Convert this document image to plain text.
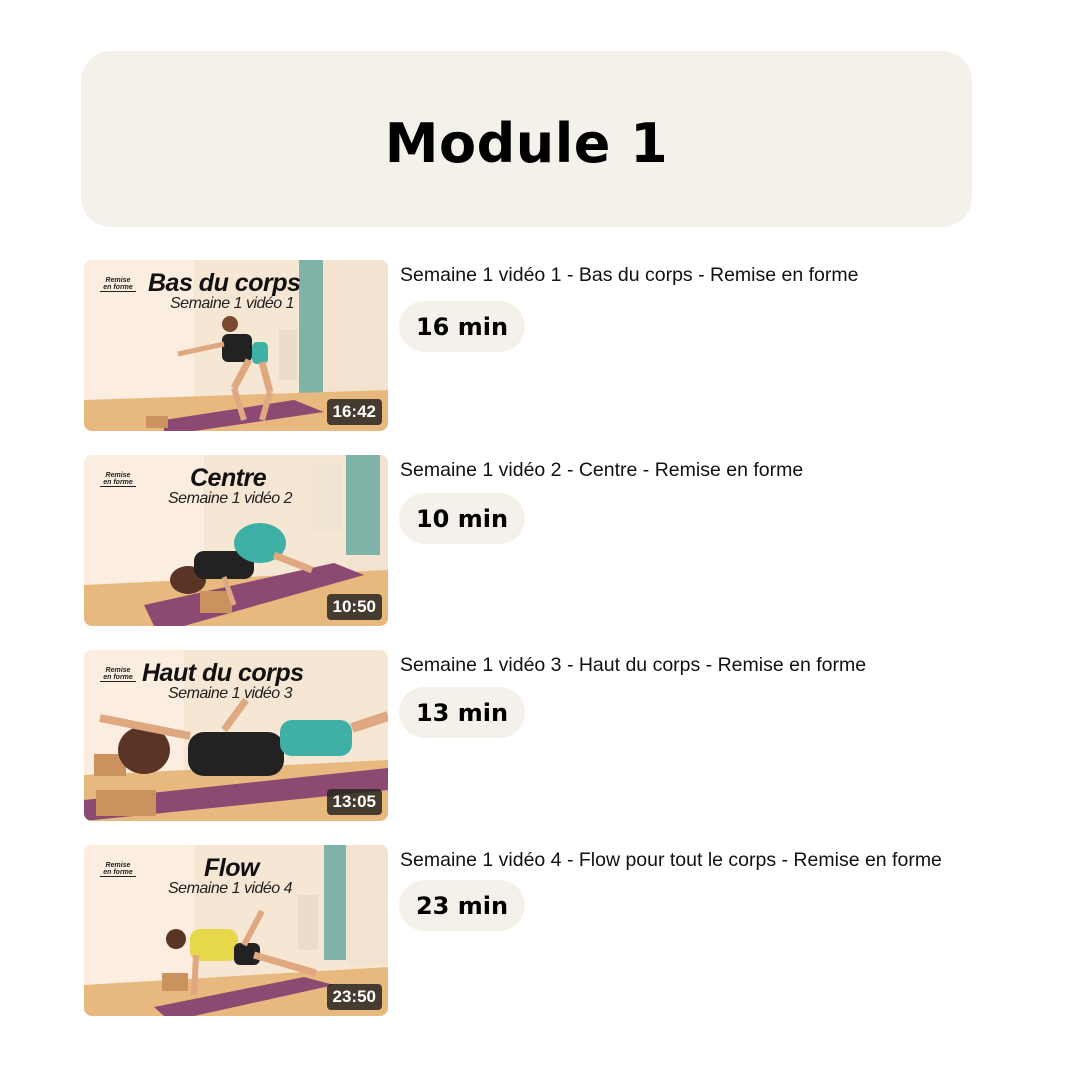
Module 1
Remise
en forme Bas du corps
Semaine 1 vidéo 1
16:42
Semaine 1 vidéo 1 - Bas du corps - Remise en forme
16 min
Remise
en forme Centre
Semaine 1 vidéo 2
10:50
Semaine 1 vidéo 2 - Centre - Remise en forme
10 min
Remise
en forme Haut du corps
Semaine 1 vidéo 3
13:05
Semaine 1 vidéo 3 - Haut du corps - Remise en forme
13 min
Remise
en forme	Flow
Semaine 1 vidéo 4
23:50
Semaine 1 vidéo 4 - Flow pour tout le corps - Remise en forme
23 min
